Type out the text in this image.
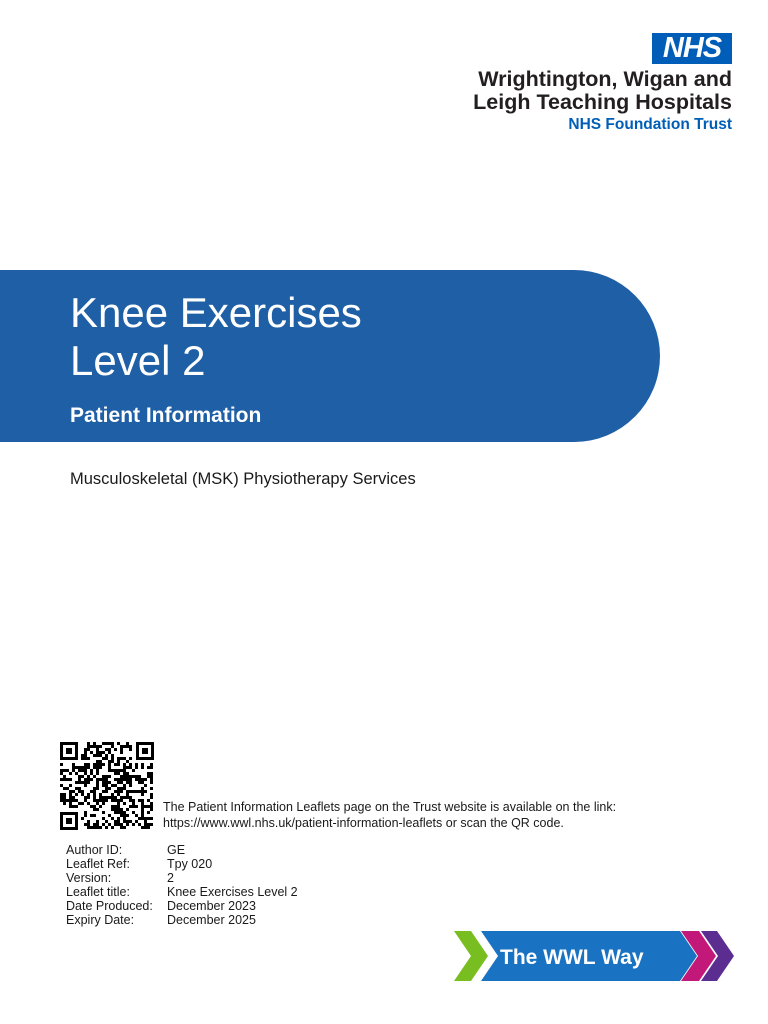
NHS
Wrightington, Wigan and
Leigh Teaching Hospitals
NHS Foundation Trust
Knee Exercises
Level 2
Patient Information
Musculoskeletal (MSK) Physiotherapy Services
The Patient Information Leaflets page on the Trust website is available on the link:
https://www.wwl.nhs.uk/patient-information-leaflets or scan the QR code.
Author ID:	GE
Leaflet Ref:	Tpy 020
Version:	2
Leaflet title:	Knee Exercises Level 2
Date Produced:	December 2023
Expiry Date:	December 2025
The WWL Way
